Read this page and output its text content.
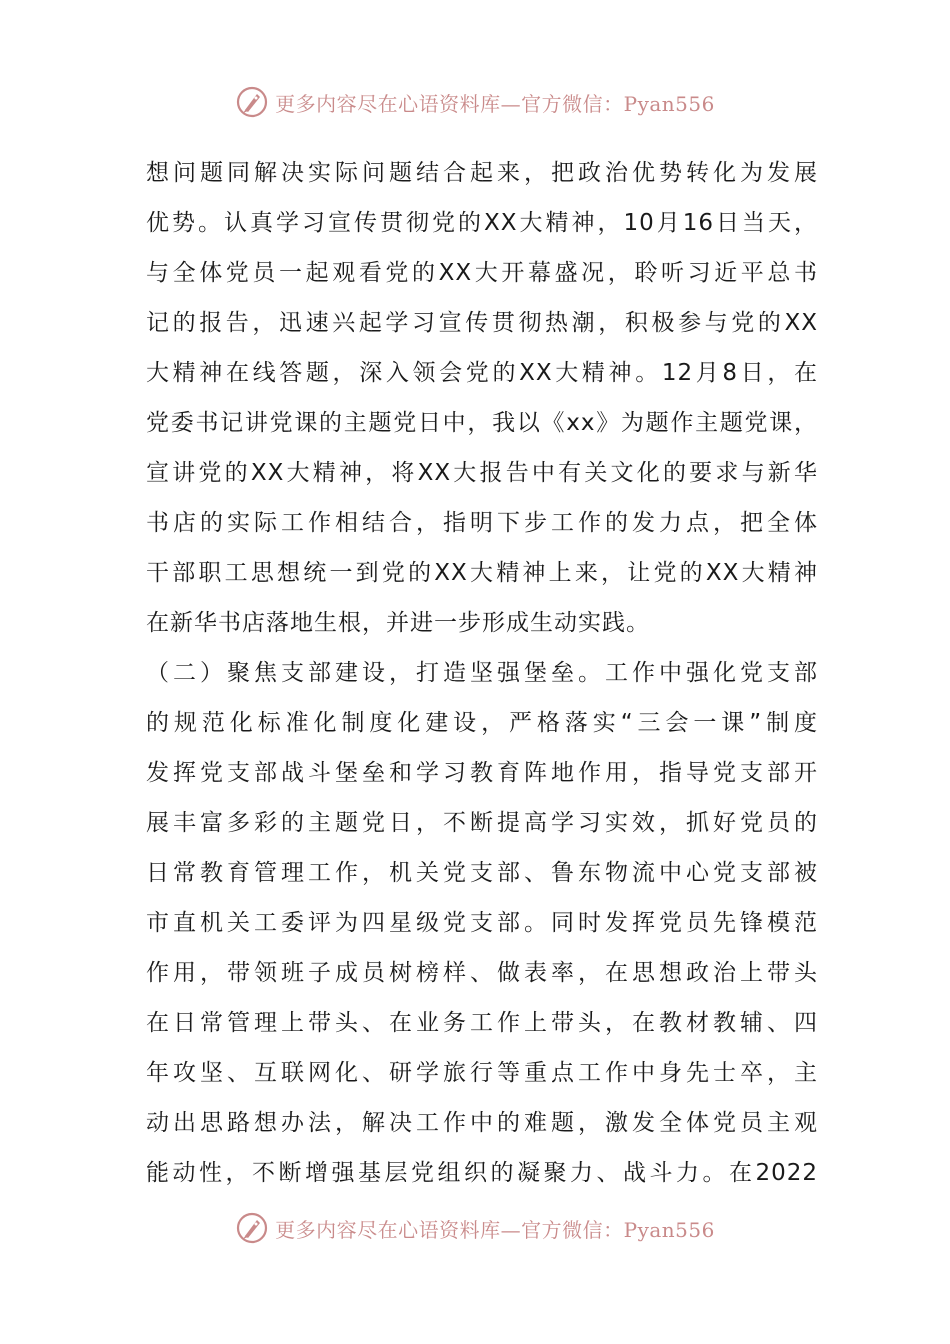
更多内容尽在心语资料库—官方微信：Pyan556
想问题同解决实际问题结合起来，把政治优势转化为发展
优势。认真学习宣传贯彻党的XX大精神，10月16日当天，
与全体党员一起观看党的XX大开幕盛况，聆听习近平总书
记的报告，迅速兴起学习宣传贯彻热潮，积极参与党的XX
大精神在线答题，深入领会党的XX大精神。12月8日，在
党委书记讲党课的主题党日中，我以《xx》为题作主题党课，
宣讲党的XX大精神，将XX大报告中有关文化的要求与新华
书店的实际工作相结合，指明下步工作的发力点，把全体
干部职工思想统一到党的XX大精神上来，让党的XX大精神
在新华书店落地生根，并进一步形成生动实践。
（二）聚焦支部建设，打造坚强堡垒。工作中强化党支部
的规范化标准化制度化建设，严格落实“三会一课”制度
发挥党支部战斗堡垒和学习教育阵地作用，指导党支部开
展丰富多彩的主题党日，不断提高学习实效，抓好党员的
日常教育管理工作，机关党支部、鲁东物流中心党支部被
市直机关工委评为四星级党支部。同时发挥党员先锋模范
作用，带领班子成员树榜样、做表率，在思想政治上带头
在日常管理上带头、在业务工作上带头，在教材教辅、四
年攻坚、互联网化、研学旅行等重点工作中身先士卒，主
动出思路想办法，解决工作中的难题，激发全体党员主观
能动性，不断增强基层党组织的凝聚力、战斗力。在2022
更多内容尽在心语资料库—官方微信：Pyan556
